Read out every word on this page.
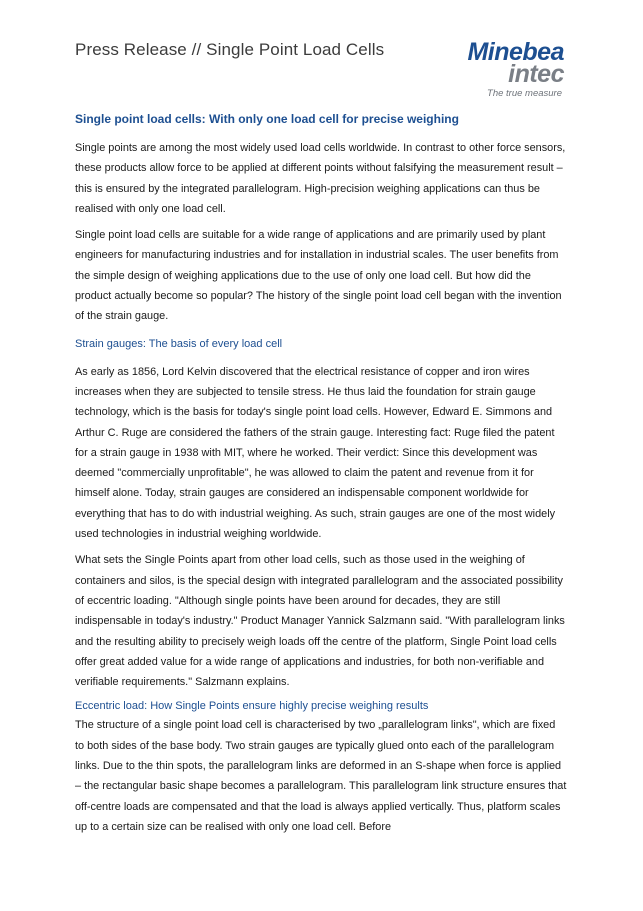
Press Release // Single Point Load Cells	Minebea
intec
The true measure
Single point load cells: With only one load cell for precise weighing

Single points are among the most widely used load cells worldwide. In contrast to other force sensors, these products allow force to be applied at different points without falsifying the measurement result – this is ensured by the integrated parallelogram. High-precision weighing applications can thus be realised with only one load cell.

Single point load cells are suitable for a wide range of applications and are primarily used by plant engineers for manufacturing industries and for installation in industrial scales. The user benefits from the simple design of weighing applications due to the use of only one load cell. But how did the product actually become so popular? The history of the single point load cell began with the invention of the strain gauge.

Strain gauges: The basis of every load cell

As early as 1856, Lord Kelvin discovered that the electrical resistance of copper and iron wires increases when they are subjected to tensile stress. He thus laid the foundation for strain gauge technology, which is the basis for today's single point load cells. However, Edward E. Simmons and Arthur C. Ruge are considered the fathers of the strain gauge. Interesting fact: Ruge filed the patent for a strain gauge in 1938 with MIT, where he worked. Their verdict: Since this development was deemed "commercially unprofitable", he was allowed to claim the patent and revenue from it for himself alone. Today, strain gauges are considered an indispensable component worldwide for everything that has to do with industrial weighing. As such, strain gauges are one of the most widely used technologies in industrial weighing worldwide.

What sets the Single Points apart from other load cells, such as those used in the weighing of containers and silos, is the special design with integrated parallelogram and the associated possibility of eccentric loading. "Although single points have been around for decades, they are still indispensable in today's industry." Product Manager Yannick Salzmann said. "With parallelogram links and the resulting ability to precisely weigh loads off the centre of the platform, Single Point load cells offer great added value for a wide range of applications and industries, for both non-verifiable and verifiable requirements." Salzmann explains.

Eccentric load: How Single Points ensure highly precise weighing results

The structure of a single point load cell is characterised by two „parallelogram links", which are fixed to both sides of the base body. Two strain gauges are typically glued onto each of the parallelogram links. Due to the thin spots, the parallelogram links are deformed in an S-shape when force is applied – the rectangular basic shape becomes a parallelogram. This parallelogram link structure ensures that off-centre loads are compensated and that the load is always applied vertically. Thus, platform scales up to a certain size can be realised with only one load cell. Before
